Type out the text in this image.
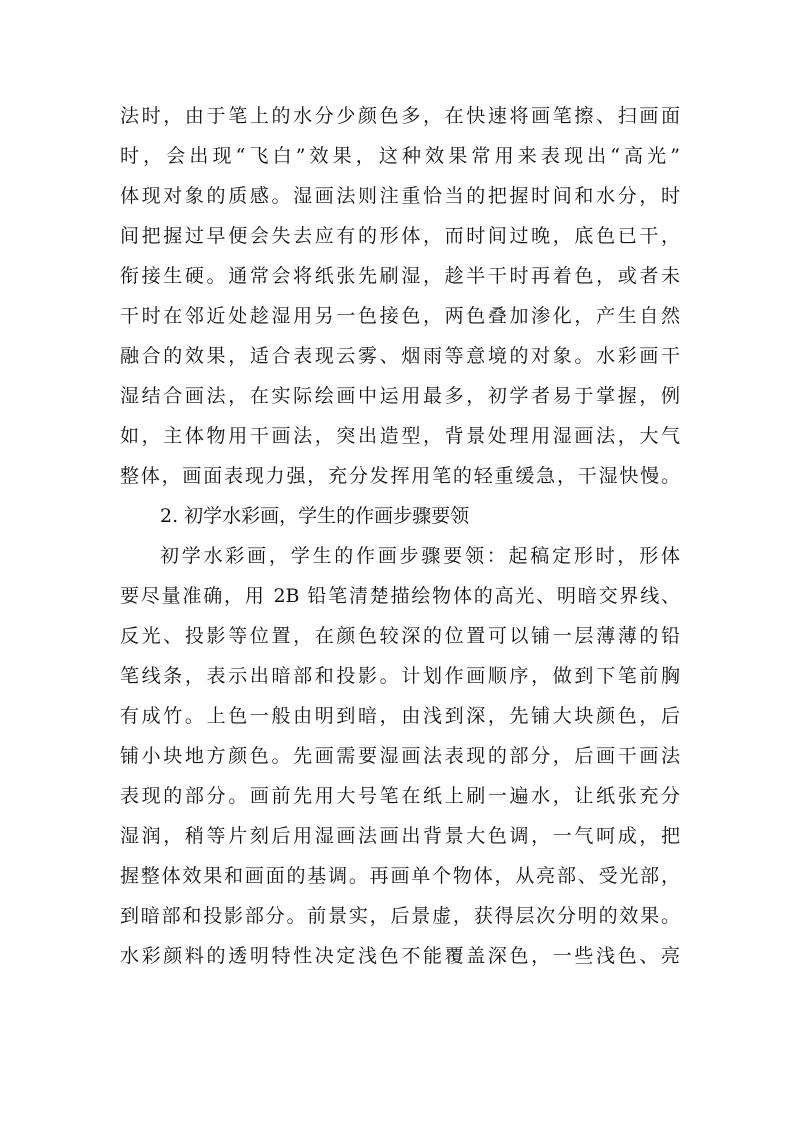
法时，由于笔上的水分少颜色多，在快速将画笔擦、扫画面
时，会出现“飞白”效果，这种效果常用来表现出“高光”
体现对象的质感。湿画法则注重恰当的把握时间和水分，时
间把握过早便会失去应有的形体，而时间过晚，底色已干，
衔接生硬。通常会将纸张先刷湿，趁半干时再着色，或者未
干时在邻近处趁湿用另一色接色，两色叠加渗化，产生自然
融合的效果，适合表现云雾、烟雨等意境的对象。水彩画干
湿结合画法，在实际绘画中运用最多，初学者易于掌握，例
如，主体物用干画法，突出造型，背景处理用湿画法，大气
整体，画面表现力强，充分发挥用笔的轻重缓急，干湿快慢。
2. 初学水彩画，学生的作画步骤要领
初学水彩画，学生的作画步骤要领：起稿定形时，形体
要尽量准确，用 2B 铅笔清楚描绘物体的高光、明暗交界线、
反光、投影等位置，在颜色较深的位置可以铺一层薄薄的铅
笔线条，表示出暗部和投影。计划作画顺序，做到下笔前胸
有成竹。上色一般由明到暗，由浅到深，先铺大块颜色，后
铺小块地方颜色。先画需要湿画法表现的部分，后画干画法
表现的部分。画前先用大号笔在纸上刷一遍水，让纸张充分
湿润，稍等片刻后用湿画法画出背景大色调，一气呵成，把
握整体效果和画面的基调。再画单个物体，从亮部、受光部，
到暗部和投影部分。前景实，后景虚，获得层次分明的效果。
水彩颜料的透明特性决定浅色不能覆盖深色，一些浅色、亮
